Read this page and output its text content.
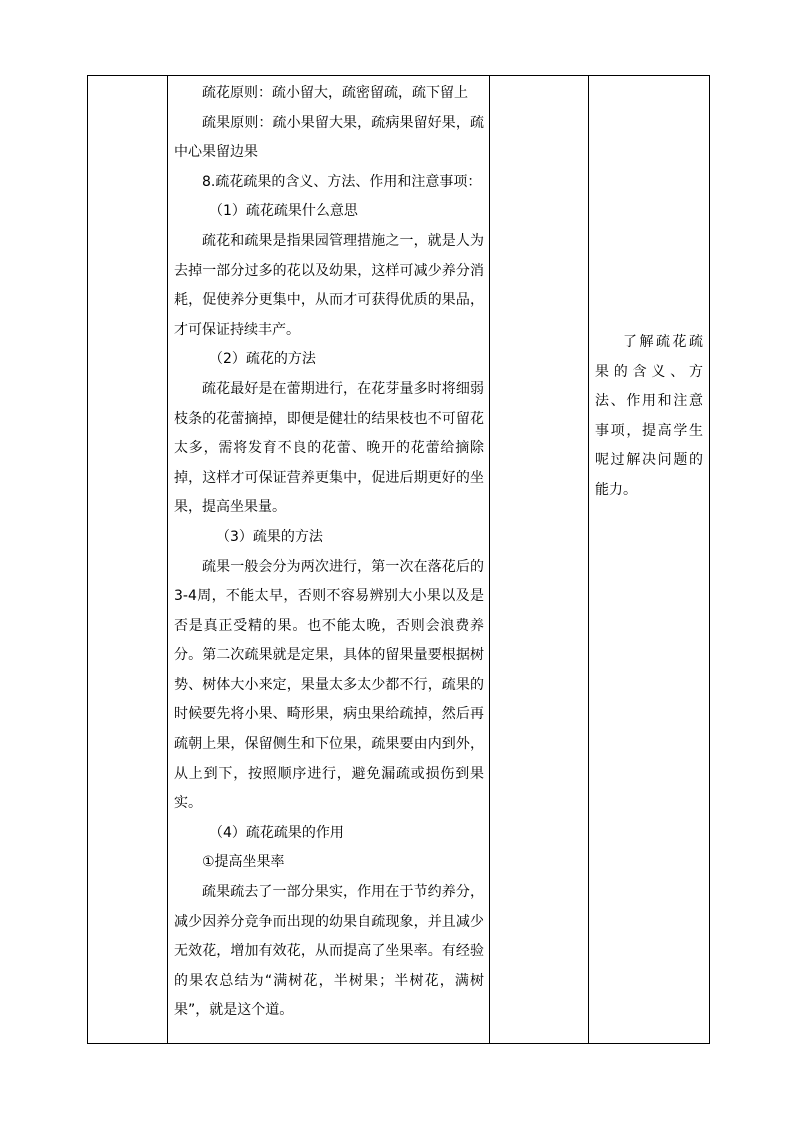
疏花原则：疏小留大，疏密留疏，疏下留上

疏果原则：疏小果留大果，疏病果留好果，疏中心果留边果

8.疏花疏果的含义、方法、作用和注意事项：

（1）疏花疏果什么意思

疏花和疏果是指果园管理措施之一，就是人为去掉一部分过多的花以及幼果，这样可减少养分消耗，促使养分更集中，从而才可获得优质的果品，才可保证持续丰产。

（2）疏花的方法

疏花最好是在蕾期进行，在花芽量多时将细弱枝条的花蕾摘掉，即便是健壮的结果枝也不可留花太多，需将发育不良的花蕾、晚开的花蕾给摘除掉，这样才可保证营养更集中，促进后期更好的坐果，提高坐果量。

（3）疏果的方法

疏果一般会分为两次进行，第一次在落花后的3-4周，不能太早，否则不容易辨别大小果以及是否是真正受精的果。也不能太晚，否则会浪费养分。第二次疏果就是定果，具体的留果量要根据树势、树体大小来定，果量太多太少都不行，疏果的时候要先将小果、畸形果，病虫果给疏掉，然后再疏朝上果，保留侧生和下位果，疏果要由内到外，从上到下，按照顺序进行，避免漏疏或损伤到果实。

（4）疏花疏果的作用

①提高坐果率

疏果疏去了一部分果实，作用在于节约养分，减少因养分竞争而出现的幼果自疏现象，并且减少无效花，增加有效花，从而提高了坐果率。有经验的果农总结为“满树花，半树果；半树花，满树果”，就是这个道。

了解疏花疏果的含义、方法、作用和注意事项，提高学生呢过解决问题的能力。
